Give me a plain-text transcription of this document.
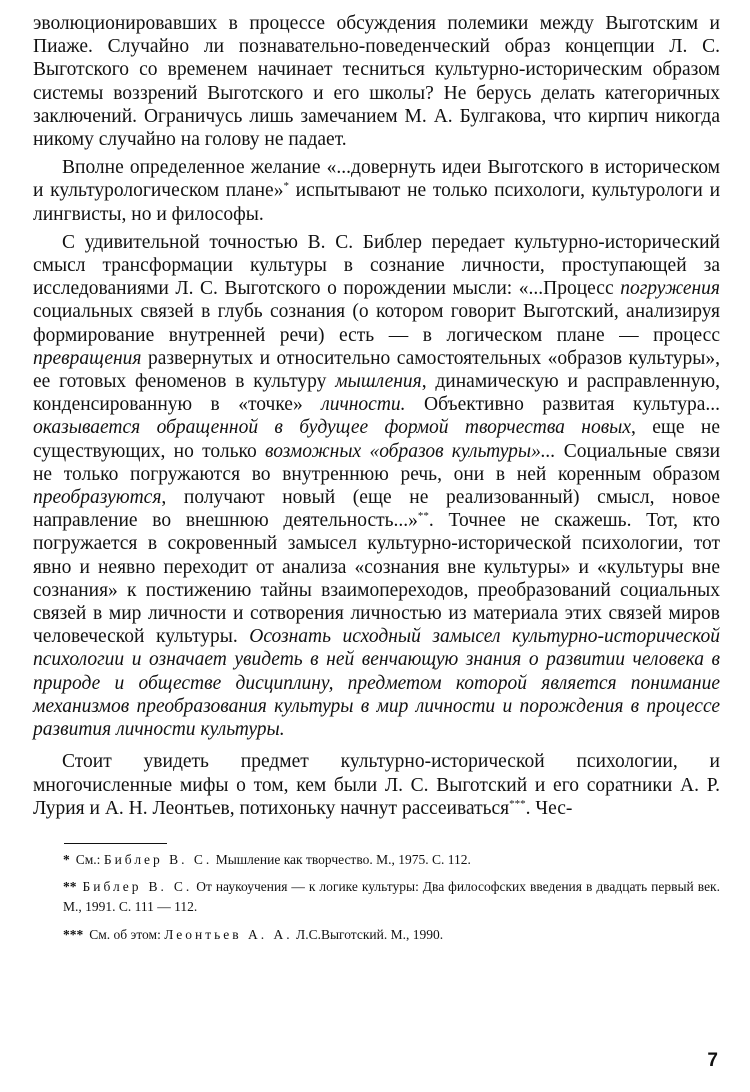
эволюционировавших в процессе обсуждения полемики между Выготским и Пиаже. Случайно ли познавательно-поведенческий образ концепции Л. С. Выготского со временем начинает тесниться культурно-историческим образом системы воззрений Выготского и его школы? Не берусь делать категоричных заключений. Ограничусь лишь замечанием М. А. Булгакова, что кирпич никогда никому случайно на голову не падает.

Вполне определенное желание «...довернуть идеи Выготского в историческом и культурологическом плане»* испытывают не только психологи, культурологи и лингвисты, но и философы.

С удивительной точностью В. С. Библер передает культурно-исторический смысл трансформации культуры в сознание личности, проступающей за исследованиями Л. С. Выготского о порождении мысли: «...Процесс погружения социальных связей в глубь сознания (о котором говорит Выготский, анализируя формирование внутренней речи) есть — в логическом плане — процесс превращения развернутых и относительно самостоятельных «образов культуры», ее готовых феноменов в культуру мышления, динамическую и расправленную, конденсированную в «точке» личности. Объективно развитая культура... оказывается обращенной в будущее формой творчества новых, еще не существующих, но только возможных «образов культуры»... Социальные связи не только погружаются во внутреннюю речь, они в ней коренным образом преобразуются, получают новый (еще не реализованный) смысл, новое направление во внешнюю деятельность...»**. Точнее не скажешь. Тот, кто погружается в сокровенный замысел культурно-исторической психологии, тот явно и неявно переходит от анализа «сознания вне культуры» и «культуры вне сознания» к постижению тайны взаимопереходов, преобразований социальных связей в мир личности и сотворения личностью из материала этих связей миров человеческой культуры. Осознать исходный замысел культурно-исторической психологии и означает увидеть в ней венчающую знания о развитии человека в природе и обществе дисциплину, предметом которой является понимание механизмов преобразования культуры в мир личности и порождения в процессе развития личности культуры.

Стоит увидеть предмет культурно-исторической психологии, и многочисленные мифы о том, кем были Л. С. Выготский и его соратники А. Р. Лурия и А. Н. Леонтьев, потихоньку начнут рассеиваться***. Чес-

* См.: Библер В. С. Мышление как творчество. М., 1975. С. 112.

** Библер В. С. От наукоучения — к логике культуры: Два философских введения в двадцать первый век. М., 1991. С. 111 — 112.

*** См. об этом: Леонтьев А. А. Л.С.Выготский. М., 1990.

7
